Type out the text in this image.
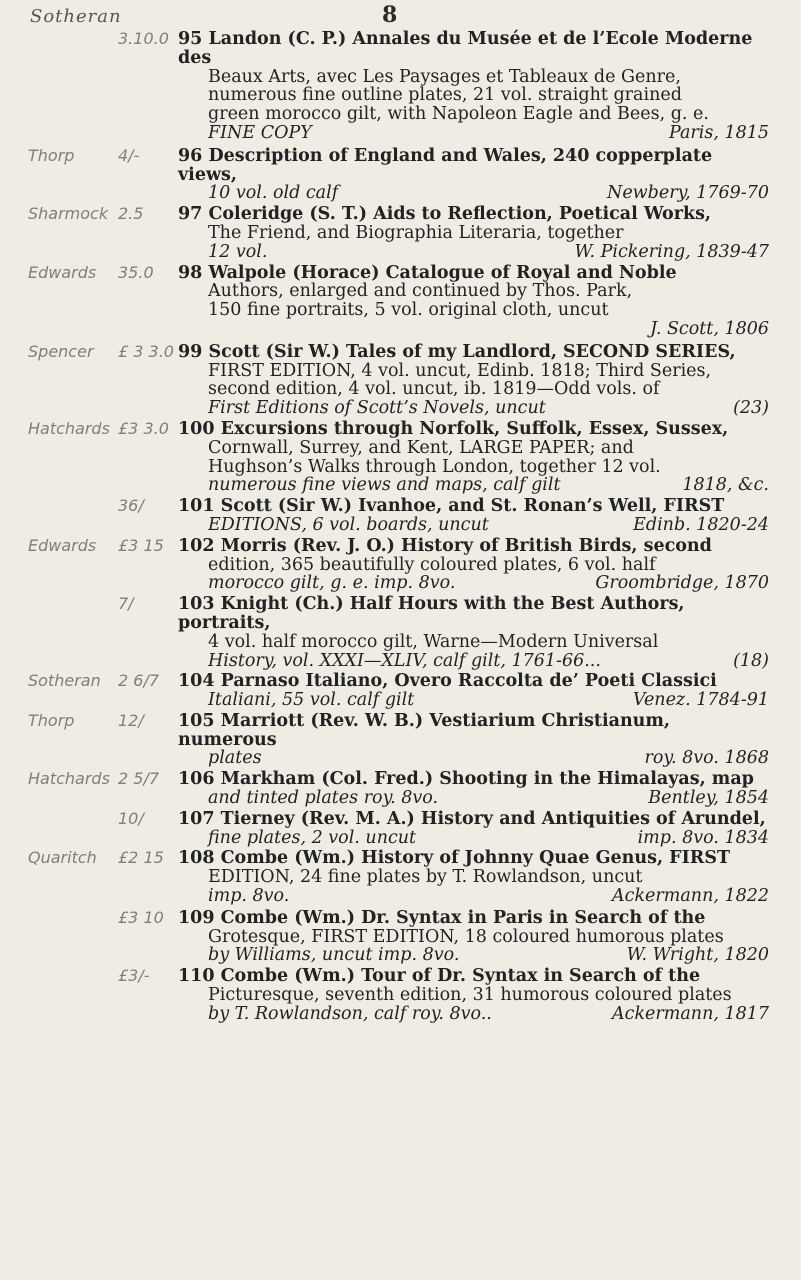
Sotheran	8
3.10.0 95 Landon (C. P.) Annales du Musée et de l’Ecole Moderne des
Beaux Arts, avec Les Paysages et Tableaux de Genre,
numerous fine outline plates, 21 vol. straight grained
green morocco gilt, with Napoleon Eagle and Bees, g. e.
FINE COPY	Paris, 1815
Thorp	4/- 96 Description of England and Wales, 240 copperplate views,
10 vol. old calf	Newbery, 1769-70
Sharmock 2.5 97 Coleridge (S. T.) Aids to Reflection, Poetical Works,
The Friend, and Biographia Literaria, together
12 vol.	W. Pickering, 1839-47
Edwards 35.0 98 Walpole (Horace) Catalogue of Royal and Noble
Authors, enlarged and continued by Thos. Park,
150 fine portraits, 5 vol. original cloth, uncut
J. Scott, 1806
Spencer £ 3 3.0 99 Scott (Sir W.) Tales of my Landlord, SECOND SERIES,
FIRST EDITION, 4 vol. uncut, Edinb. 1818; Third Series,
second edition, 4 vol. uncut, ib. 1819—Odd vols. of
First Editions of Scott’s Novels, uncut	(23)
Hatchards £3 3.0 100 Excursions through Norfolk, Suffolk, Essex, Sussex,
Cornwall, Surrey, and Kent, LARGE PAPER; and
Hughson’s Walks through London, together 12 vol.
numerous fine views and maps, calf gilt	1818, &c.
36/ 101 Scott (Sir W.) Ivanhoe, and St. Ronan’s Well, FIRST
EDITIONS, 6 vol. boards, uncut	Edinb. 1820-24
Edwards £3 15 102 Morris (Rev. J. O.) History of British Birds, second
edition, 365 beautifully coloured plates, 6 vol. half
morocco gilt, g. e. imp. 8vo.	Groombridge, 1870
7/	103 Knight (Ch.) Half Hours with the Best Authors, portraits,
4 vol. half morocco gilt, Warne—Modern Universal
History, vol. XXXI—XLIV, calf gilt, 1761-66...	(18)
Sotheran 2 6/7 104 Parnaso Italiano, Overo Raccolta de’ Poeti Classici
Italiani, 55 vol. calf gilt	Venez. 1784-91
Thorp	12/ 105 Marriott (Rev. W. B.) Vestiarium Christianum, numerous
plates	roy. 8vo. 1868
Hatchards 2 5/7 106 Markham (Col. Fred.) Shooting in the Himalayas, map
and tinted plates roy. 8vo.	Bentley, 1854
10/ 107 Tierney (Rev. M. A.) History and Antiquities of Arundel,
fine plates, 2 vol. uncut	imp. 8vo. 1834
Quaritch £2 15 108 Combe (Wm.) History of Johnny Quae Genus, FIRST
EDITION, 24 fine plates by T. Rowlandson, uncut
imp. 8vo.	Ackermann, 1822
£3 10 109 Combe (Wm.) Dr. Syntax in Paris in Search of the
Grotesque, FIRST EDITION, 18 coloured humorous plates
by Williams, uncut imp. 8vo.	W. Wright, 1820
£3/- 110 Combe (Wm.) Tour of Dr. Syntax in Search of the
Picturesque, seventh edition, 31 humorous coloured plates
by T. Rowlandson, calf roy. 8vo..	Ackermann, 1817
